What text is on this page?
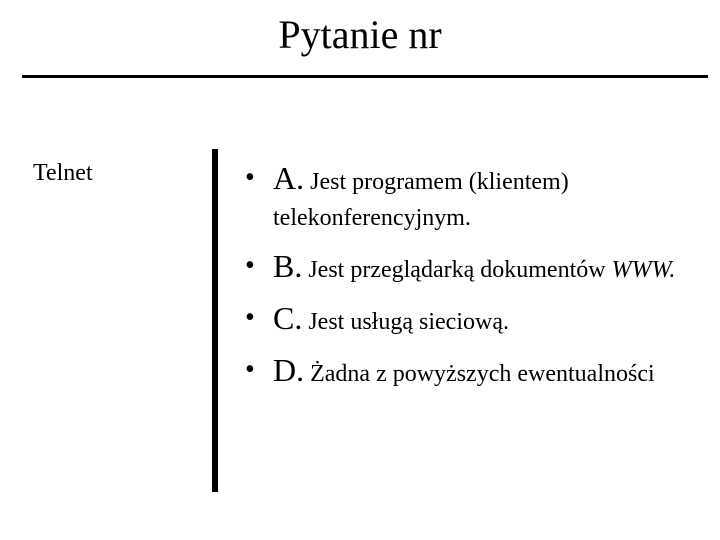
Pytanie nr
Telnet	• A. Jest programem (klientem) telekonferencyjnym.
• B. Jest przeglądarką dokumentów WWW.
• C. Jest usługą sieciową.
• D. Żadna z powyższych ewentualności
